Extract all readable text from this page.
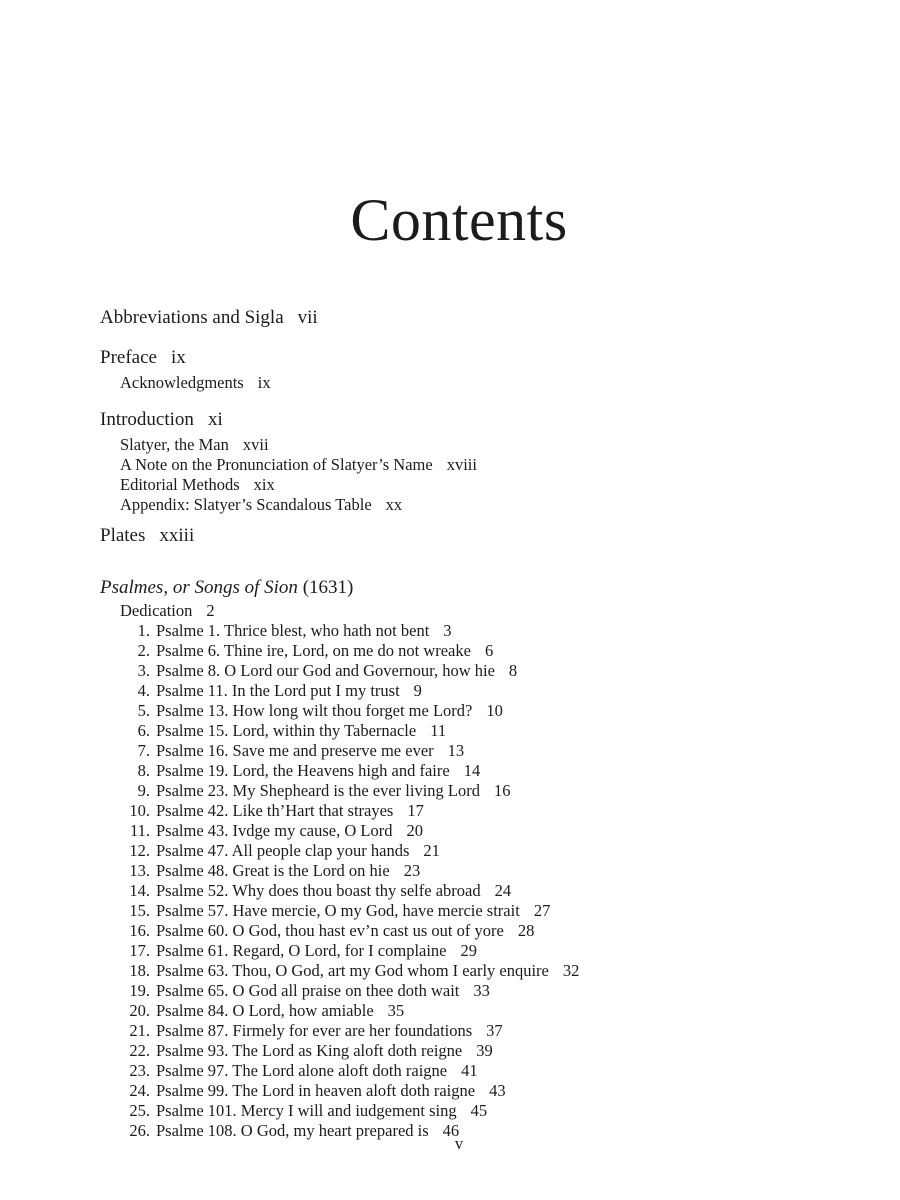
Contents
Abbreviations and Sigla vii
Preface ix
Acknowledgments ix
Introduction xi
Slatyer, the Man xvii
A Note on the Pronunciation of Slatyer’s Name xviii
Editorial Methods xix
Appendix: Slatyer’s Scandalous Table xx
Plates xxiii
Psalmes, or Songs of Sion (1631)
Dedication 2
1. Psalme 1. Thrice blest, who hath not bent 3
2. Psalme 6. Thine ire, Lord, on me do not wreake 6
3. Psalme 8. O Lord our God and Governour, how hie 8
4. Psalme 11. In the Lord put I my trust 9
5. Psalme 13. How long wilt thou forget me Lord? 10
6. Psalme 15. Lord, within thy Tabernacle 11
7. Psalme 16. Save me and preserve me ever 13
8. Psalme 19. Lord, the Heavens high and faire 14
9. Psalme 23. My Shepheard is the ever living Lord 16
10. Psalme 42. Like th’Hart that strayes 17
11. Psalme 43. Ivdge my cause, O Lord 20
12. Psalme 47. All people clap your hands 21
13. Psalme 48. Great is the Lord on hie 23
14. Psalme 52. Why does thou boast thy selfe abroad 24
15. Psalme 57. Have mercie, O my God, have mercie strait 27
16. Psalme 60. O God, thou hast ev’n cast us out of yore 28
17. Psalme 61. Regard, O Lord, for I complaine 29
18. Psalme 63. Thou, O God, art my God whom I early enquire 32
19. Psalme 65. O God all praise on thee doth wait 33
20. Psalme 84. O Lord, how amiable 35
21. Psalme 87. Firmely for ever are her foundations 37
22. Psalme 93. The Lord as King aloft doth reigne 39
23. Psalme 97. The Lord alone aloft doth raigne 41
24. Psalme 99. The Lord in heaven aloft doth raigne 43
25. Psalme 101. Mercy I will and iudgement sing 45
26. Psalme 108. O God, my heart prepared is 46
v
